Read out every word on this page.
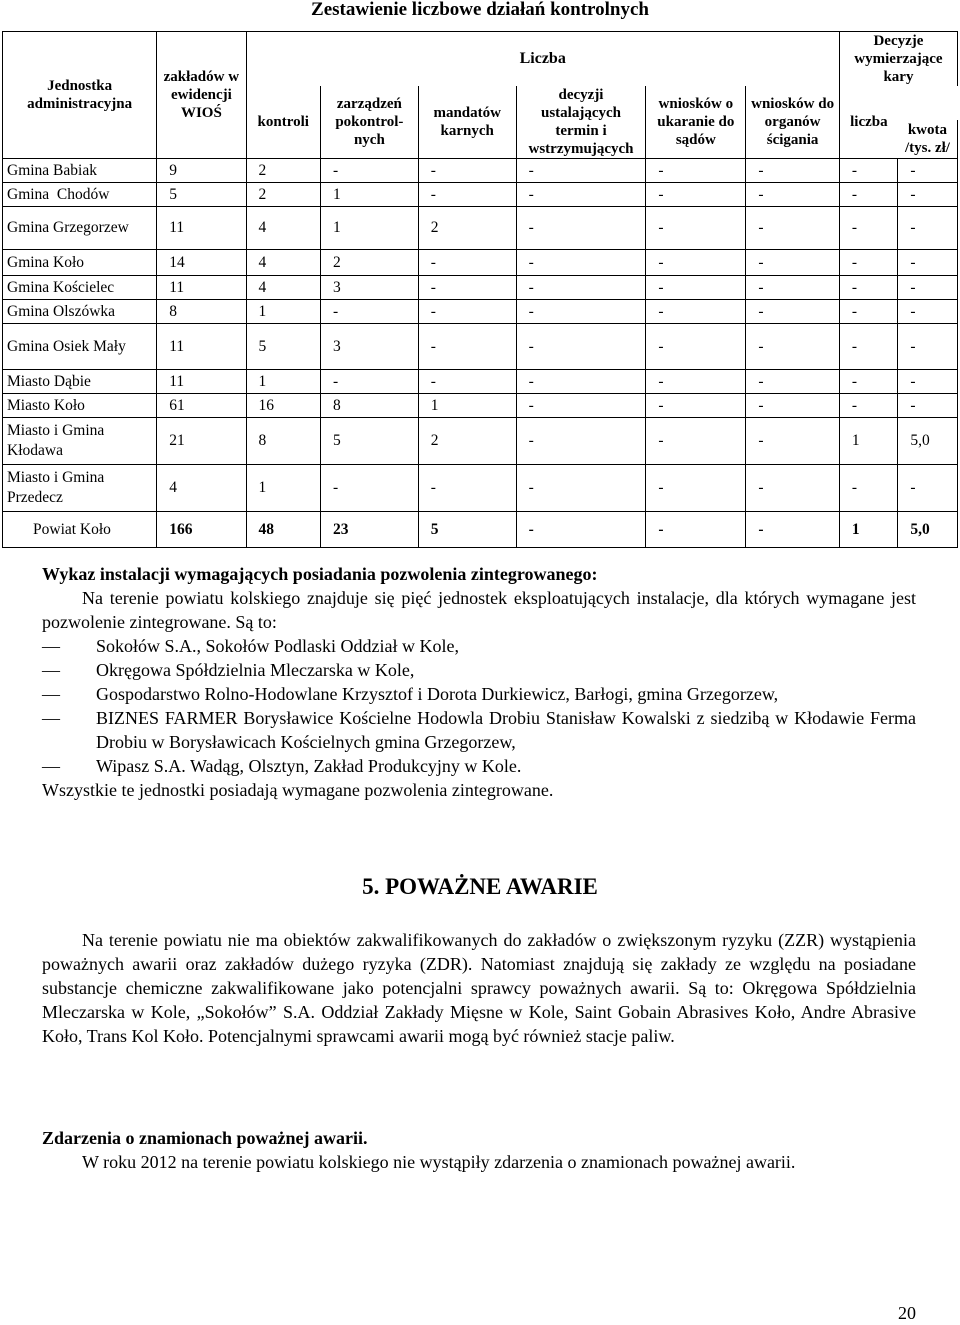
Zestawienie liczbowe działań kontrolnych
Jednostka administracyjna	zakładów w ewidencji WIOŚ	Liczba						Decyzje wymierzające kary	
		kontroli	zarządzeń pokontrol-nych	mandatów karnych	decyzji ustalających termin i wstrzymujących	wniosków o ukaranie do sądów	wniosków do organów ścigania	liczba	
									kwota /tys. zł/
Gmina Babiak	9	2	-	-	-	-	-	-	-
Gmina  Chodów	5	2	1	-	-	-	-	-	-
Gmina Grzegorzew	11	4	1	2	-	-	-	-	-
Gmina Koło	14	4	2	-	-	-	-	-	-
Gmina Kościelec	11	4	3	-	-	-	-	-	-
Gmina Olszówka	8	1	-	-	-	-	-	-	-
Gmina Osiek Mały	11	5	3	-	-	-	-	-	-
Miasto Dąbie	11	1	-	-	-	-	-	-	-
Miasto Koło	61	16	8	1	-	-	-	-	-
Miasto i Gmina Kłodawa	21	8	5	2	-	-	-	1	5,0
Miasto i Gmina Przedecz	4	1	-	-	-	-	-	-	-
Powiat Koło	166	48	23	5	-	-	-	1	5,0
Wykaz instalacji wymagających posiadania pozwolenia zintegrowanego:
Na terenie powiatu kolskiego znajduje się pięć jednostek eksploatujących instalacje, dla których wymagane jest pozwolenie zintegrowane. Są to:
— Sokołów S.A., Sokołów Podlaski Oddział w Kole,
— Okręgowa Spółdzielnia Mleczarska w Kole,
— Gospodarstwo Rolno-Hodowlane Krzysztof i Dorota Durkiewicz, Barłogi, gmina Grzegorzew,
— BIZNES FARMER Borysławice Kościelne Hodowla Drobiu Stanisław Kowalski z siedzibą w Kłodawie Ferma Drobiu w Borysławicach Kościelnych gmina Grzegorzew,
— Wipasz S.A. Wadąg, Olsztyn, Zakład Produkcyjny w Kole.
Wszystkie te jednostki posiadają wymagane pozwolenia zintegrowane.
5. POWAŻNE AWARIE
Na terenie powiatu nie ma obiektów zakwalifikowanych do zakładów o zwiększonym ryzyku (ZZR) wystąpienia poważnych awarii oraz zakładów dużego ryzyka (ZDR). Natomiast znajdują się zakłady ze względu na posiadane substancje chemiczne zakwalifikowane jako potencjalni sprawcy poważnych awarii. Są to: Okręgowa Spółdzielnia Mleczarska w Kole, „Sokołów” S.A. Oddział Zakłady Mięsne w Kole, Saint Gobain Abrasives Koło, Andre Abrasive Koło, Trans Kol Koło. Potencjalnymi sprawcami awarii mogą być również stacje paliw.
Zdarzenia o znamionach poważnej awarii.
W roku 2012 na terenie powiatu kolskiego nie wystąpiły zdarzenia o znamionach poważnej awarii.
20
